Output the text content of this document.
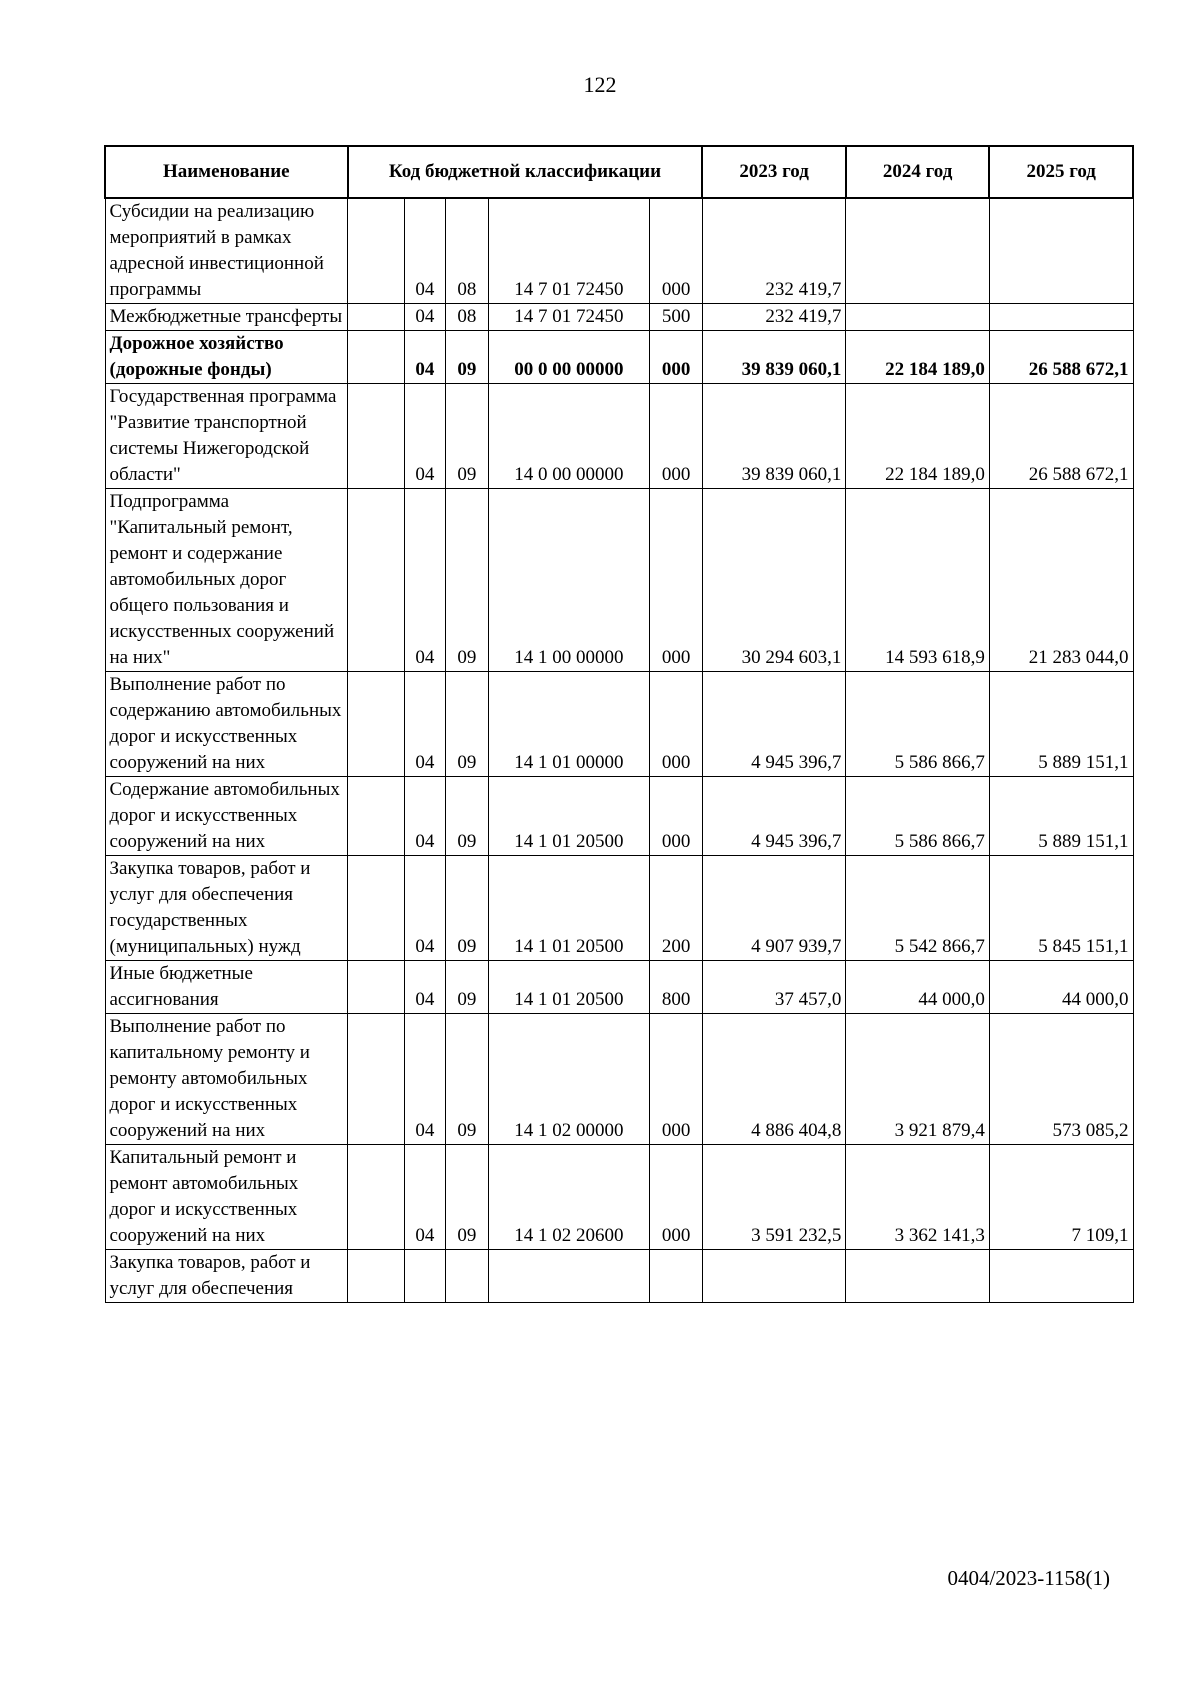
122
Наименование	Код бюджетной классификации					2023 год	2024 год	2025 год
Субсидии на реализацию мероприятий в рамках адресной инвестиционной программы		04	08	14 7 01 72450	000	232 419,7		
Межбюджетные трансферты		04	08	14 7 01 72450	500	232 419,7		
Дорожное хозяйство (дорожные фонды)		04	09	00 0 00 00000	000	39 839 060,1	22 184 189,0	26 588 672,1
Государственная программа "Развитие транспортной системы Нижегородской области"		04	09	14 0 00 00000	000	39 839 060,1	22 184 189,0	26 588 672,1
Подпрограмма "Капитальный ремонт, ремонт и содержание автомобильных дорог общего пользования и искусственных сооружений на них"		04	09	14 1 00 00000	000	30 294 603,1	14 593 618,9	21 283 044,0
Выполнение работ по содержанию автомобильных дорог и искусственных сооружений на них		04	09	14 1 01 00000	000	4 945 396,7	5 586 866,7	5 889 151,1
Содержание автомобильных дорог и искусственных сооружений на них		04	09	14 1 01 20500	000	4 945 396,7	5 586 866,7	5 889 151,1
Закупка товаров, работ и услуг для обеспечения государственных (муниципальных) нужд		04	09	14 1 01 20500	200	4 907 939,7	5 542 866,7	5 845 151,1
Иные бюджетные ассигнования		04	09	14 1 01 20500	800	37 457,0	44 000,0	44 000,0
Выполнение работ по капитальному ремонту и ремонту автомобильных дорог и искусственных сооружений на них		04	09	14 1 02 00000	000	4 886 404,8	3 921 879,4	573 085,2
Капитальный ремонт и ремонт автомобильных дорог и искусственных сооружений на них		04	09	14 1 02 20600	000	3 591 232,5	3 362 141,3	7 109,1
Закупка товаров, работ и услуг для обеспечения								
0404/2023-1158(1)
